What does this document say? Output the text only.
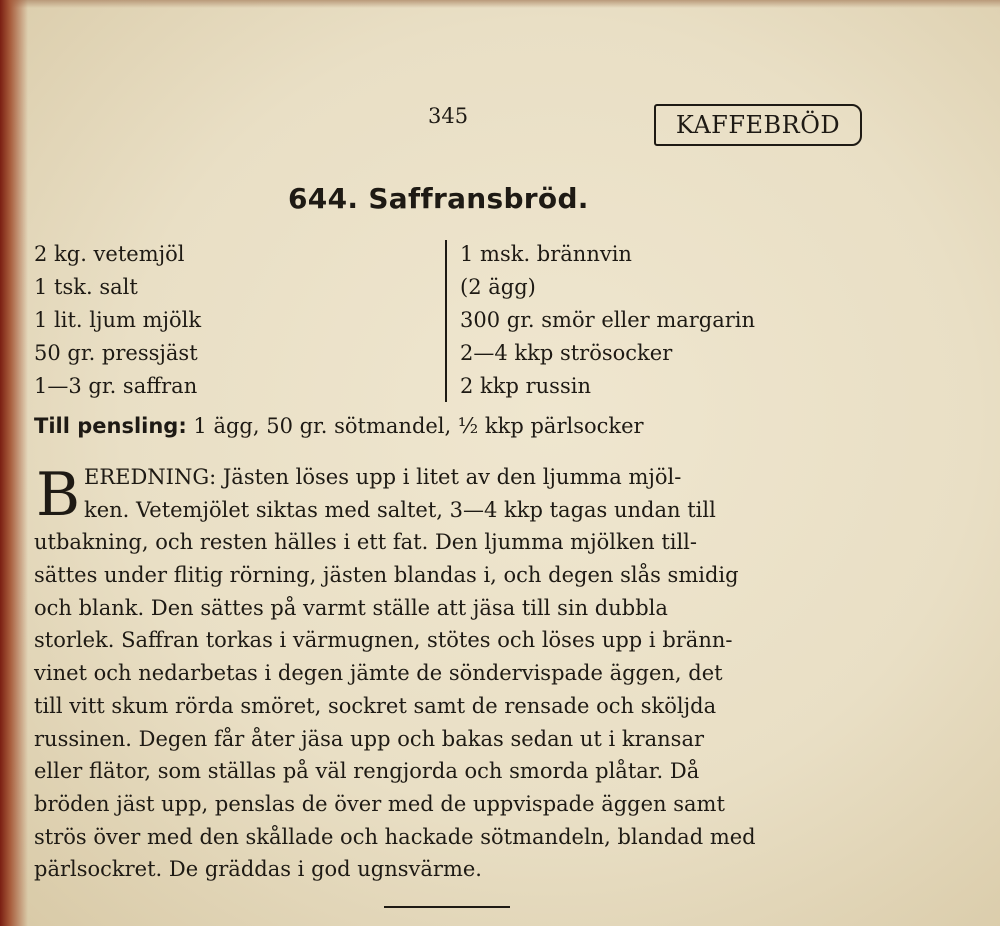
345	KAFFEBRÖD
644. Saffransbröd.
2 kg. vetemjöl
1 tsk. salt
1 lit. ljum mjölk
50 gr. pressjäst
1—3 gr. saffran
1 msk. brännvin
(2 ägg)
300 gr. smör eller margarin
2—4 kkp strösocker
2 kkp russin
Till pensling: 1 ägg, 50 gr. sötmandel, ½ kkp pärlsocker
B EREDNING: Jästen löses upp i litet av den ljumma mjöl-
ken. Vetemjölet siktas med saltet, 3—4 kkp tagas undan till
utbakning, och resten hälles i ett fat. Den ljumma mjölken till-
sättes under flitig rörning, jästen blandas i, och degen slås smidig
och blank. Den sättes på varmt ställe att jäsa till sin dubbla
storlek. Saffran torkas i värmugnen, stötes och löses upp i bränn-
vinet och nedarbetas i degen jämte de söndervispade äggen, det
till vitt skum rörda smöret, sockret samt de rensade och sköljda
russinen. Degen får åter jäsa upp och bakas sedan ut i kransar
eller flätor, som ställas på väl rengjorda och smorda plåtar. Då
bröden jäst upp, penslas de över med de uppvispade äggen samt
strös över med den skållade och hackade sötmandeln, blandad med
pärlsockret. De gräddas i god ugnsvärme.
